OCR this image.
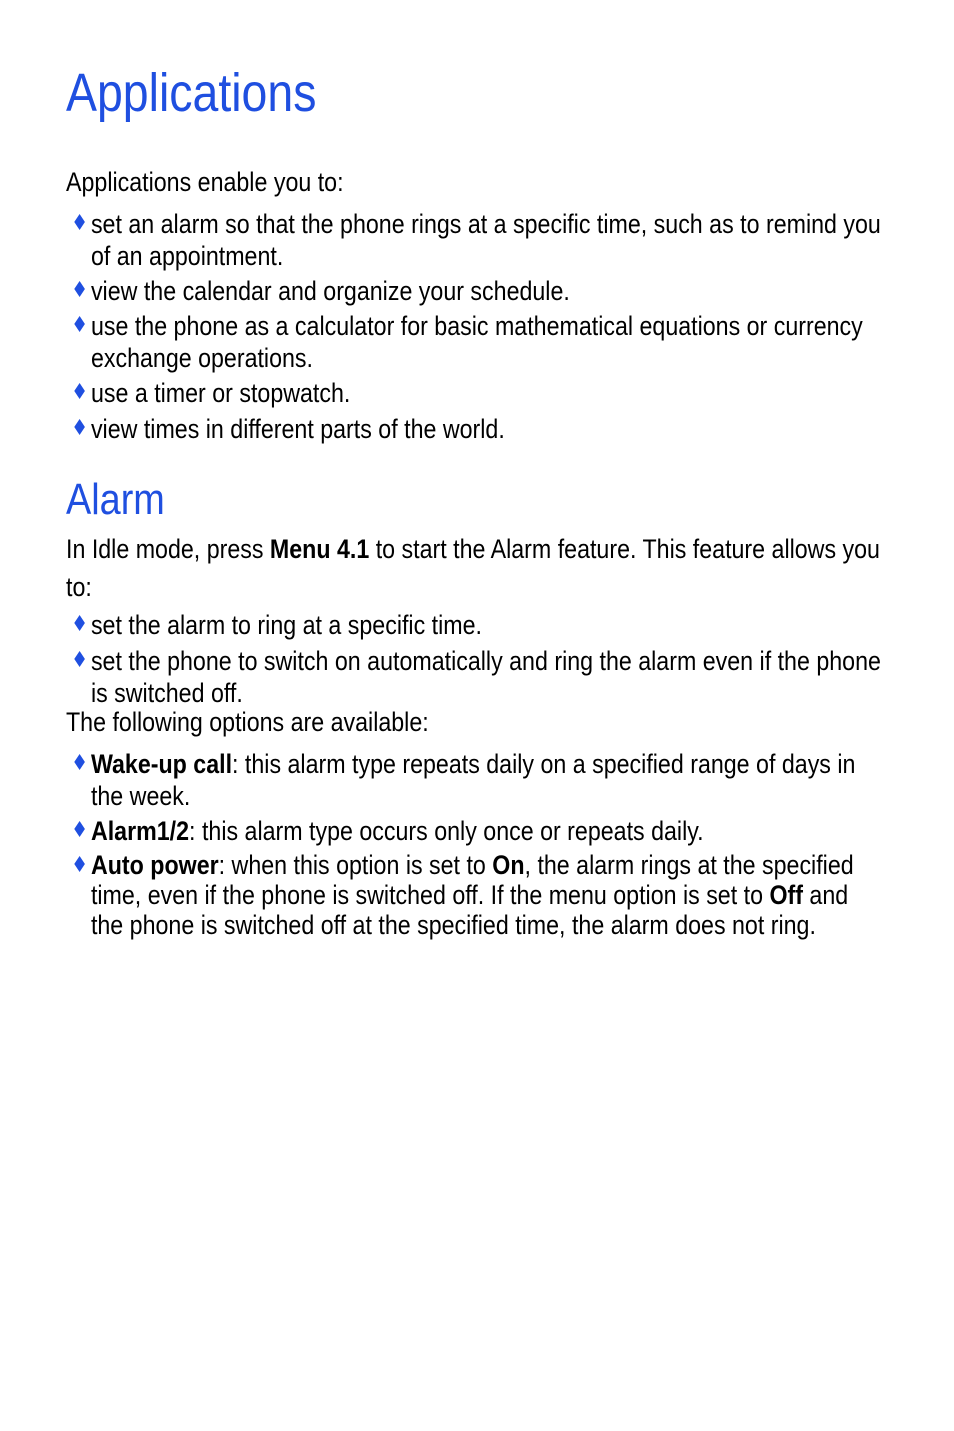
Applications

Applications enable you to:

♦ set an alarm so that the phone rings at a specific time, such as to remind you of an appointment.
♦ view the calendar and organize your schedule.
♦ use the phone as a calculator for basic mathematical equations or currency exchange operations.
♦ use a timer or stopwatch.
♦ view times in different parts of the world.
Alarm

In Idle mode, press Menu 4.1 to start the Alarm feature. This feature allows you to:

♦ set the alarm to ring at a specific time.
♦ set the phone to switch on automatically and ring the alarm even if the phone is switched off.

The following options are available:

♦ Wake-up call: this alarm type repeats daily on a specified range of days in the week.
♦ Alarm1/2: this alarm type occurs only once or repeats daily.
♦ Auto power: when this option is set to On, the alarm rings at the specified time, even if the phone is switched off. If the menu option is set to Off and the phone is switched off at the specified time, the alarm does not ring.
